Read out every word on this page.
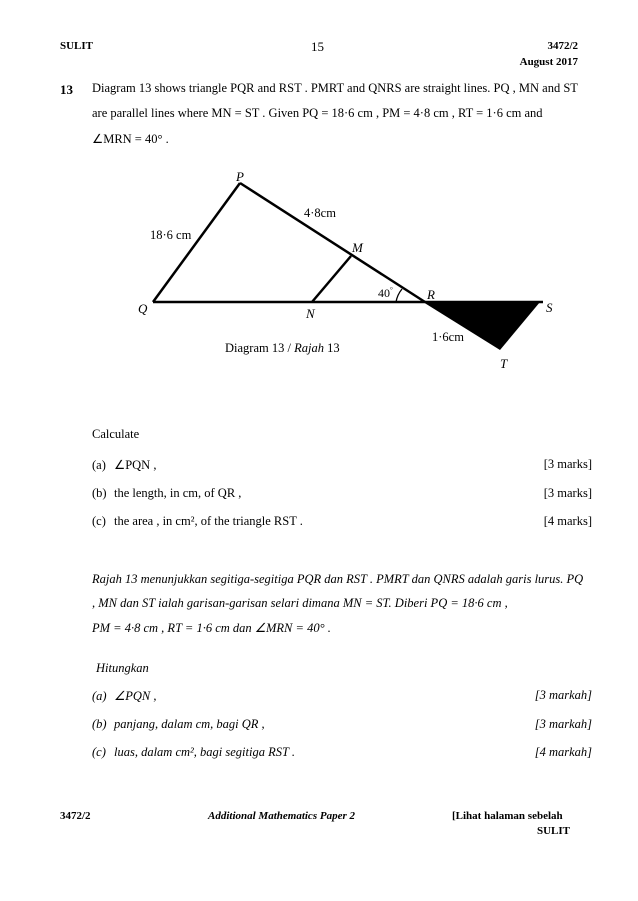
SULIT	15	3472/2
August 2017
13 Diagram 13 shows triangle PQR and RST . PMRT and QNRS are straight lines. PQ , MN and ST
are parallel lines where MN = ST . Given PQ = 18·6 cm , PM = 4·8 cm , RT = 1·6 cm and
∠MRN = 40° .
P
Q
M
N
R
S
T
18·6 cm
4·8cm
1·6cm
40°
Diagram 13 / Rajah 13
Calculate
(a) ∠PQN ,	[3 marks]
(b) the length, in cm, of QR ,	[3 marks]
(c) the area , in cm², of the triangle RST .	[4 marks]
Rajah 13 menunjukkan segitiga-segitiga PQR dan RST . PMRT dan QNRS adalah garis lurus. PQ
, MN dan ST ialah garisan-garisan selari dimana MN = ST. Diberi PQ = 18·6 cm ,
PM = 4·8 cm , RT = 1·6 cm dan ∠MRN = 40° .
Hitungkan
(a) ∠PQN ,	[3 markah]
(b) panjang, dalam cm, bagi QR ,	[3 markah]
(c) luas, dalam cm², bagi segitiga RST .	[4 markah]
3472/2	Additional Mathematics Paper 2	[Lihat halaman sebelah
SULIT
